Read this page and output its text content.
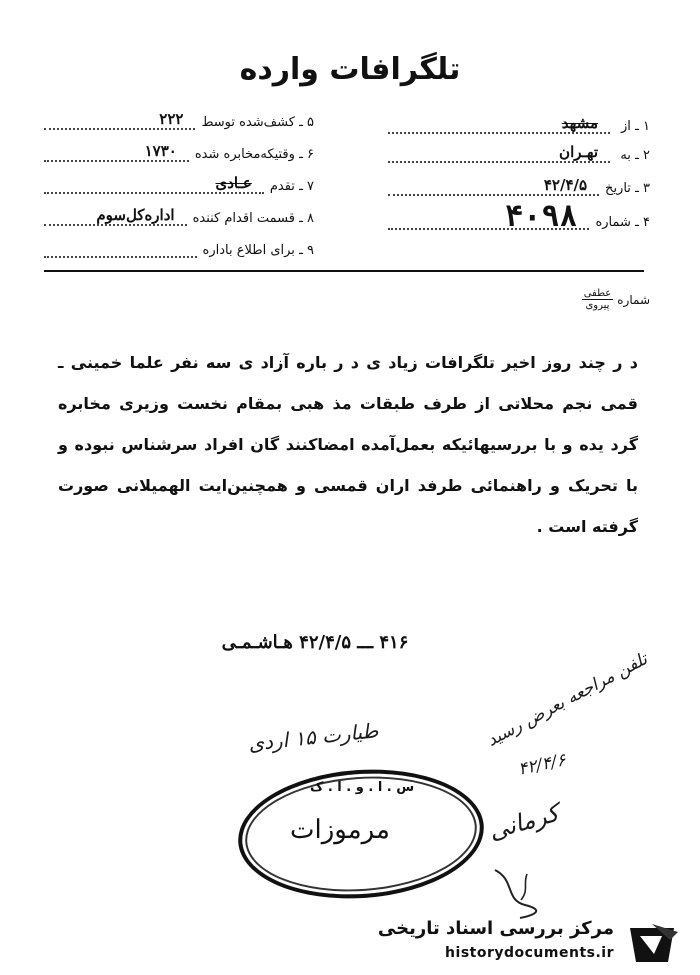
تلگرافات وارده
۱ ـ از
مشهد
۲ ـ به
تهـران
۳ ـ تاریخ
۴۲/۴/۵
۴ ـ شماره
۴۰۹۸
۵ ـ کشف‌شده توسط
۲۲۲
۶ ـ وقتیکه‌مخابره شده
۱۷۳۰
۷ ـ تقدم
عـادی
۸ ـ قسمت اقدام کننده
اداره‌کل‌سوم
۹ ـ برای اطلاع باداره
شماره
$\frac{\text{عطفی}}{\text{پیروی}}$
د ر چند روز اخیر تلگرافات زیاد ی د ر باره آزاد ی سه نفر علما خمینی ـ قمی نجم محلاتی از طرف طبقات مذ هبی بمقام نخست وزیری مخابره گرد یده و با بررسیهائیکه بعمل‌آمده امضاکنند گان افراد سرشناس نبوده و با تحریک و راهنمائی طرفد اران قمسی و همچنین‌ایت الهمیلانی صورت گرفته است .
۴۱۶ ـــ ۴۲/۴/۵ هـاشـمـی
تلفن مراجعه بعرض رسید
طیارت ۱۵ اردی
۴۲/۴/۶
کرمانی
س . ا . و . ا . ک
مرموزات
مرکز بررسی اسناد تاریخی
historydocuments.ir
